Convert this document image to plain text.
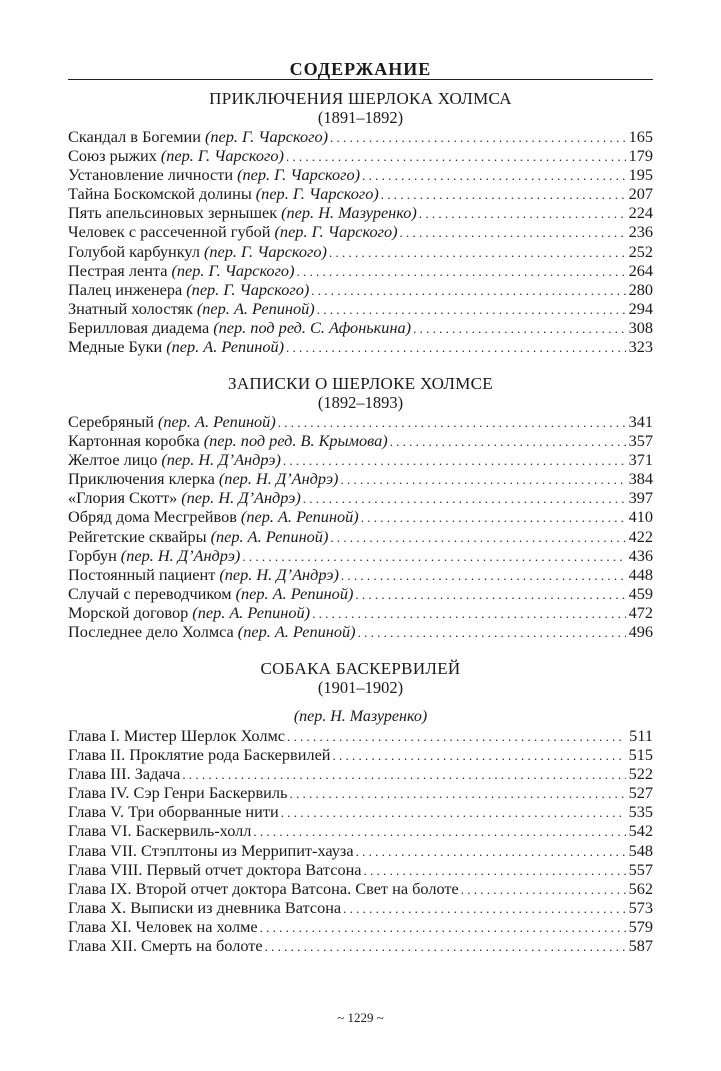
СОДЕРЖАНИЕ
ПРИКЛЮЧЕНИЯ ШЕРЛОКА ХОЛМСА
(1891–1892)
Скандал в Богемии (пер. Г. Чарского) . . .	165
Союз рыжих (пер. Г. Чарского) . . .	179
Установление личности (пер. Г. Чарского) . . .	195
Тайна Боскомской долины (пер. Г. Чарского) . . .	207
Пять апельсиновых зернышек (пер. Н. Мазуренко) . . .	224
Человек с рассеченной губой (пер. Г. Чарского) . . .	236
Голубой карбункул (пер. Г. Чарского) . . .	252
Пестрая лента (пер. Г. Чарского) . . .	264
Палец инженера (пер. Г. Чарского) . . .	280
Знатный холостяк (пер. А. Репиной) . . .	294
Берилловая диадема (пер. под ред. С. Афонькина) . . .	308
Медные Буки (пер. А. Репиной) . . .	323
ЗАПИСКИ О ШЕРЛОКЕ ХОЛМСЕ
(1892–1893)
Серебряный (пер. А. Репиной) . . .	341
Картонная коробка (пер. под ред. В. Крымова) . . .	357
Желтое лицо (пер. Н. Д’Андрэ) . . .	371
Приключения клерка (пер. Н. Д’Андрэ) . . .	384
«Глория Скотт» (пер. Н. Д’Андрэ) . . .	397
Обряд дома Месгрейвов (пер. А. Репиной) . . .	410
Рейгетские сквайры (пер. А. Репиной) . . .	422
Горбун (пер. Н. Д’Андрэ) . . .	436
Постоянный пациент (пер. Н. Д’Андрэ) . . .	448
Случай с переводчиком (пер. А. Репиной) . . .	459
Морской договор (пер. А. Репиной) . . .	472
Последнее дело Холмса (пер. А. Репиной) . . .	496
СОБАКА БАСКЕРВИЛЕЙ
(1901–1902)
(пер. Н. Мазуренко)
Глава I. Мистер Шерлок Холмс . . .	511
Глава II. Проклятие рода Баскервилей . . .	515
Глава III. Задача . . .	522
Глава IV. Сэр Генри Баскервиль . . .	527
Глава V. Три оборванные нити . . .	535
Глава VI. Баскервиль-холл . . .	542
Глава VII. Стэплтоны из Меррипит-хауза . . .	548
Глава VIII. Первый отчет доктора Ватсона . . .	557
Глава IX. Второй отчет доктора Ватсона. Свет на болоте . . .	562
Глава X. Выписки из дневника Ватсона . . .	573
Глава XI. Человек на холме . . .	579
Глава XII. Смерть на болоте . . .	587
~ 1229 ~
